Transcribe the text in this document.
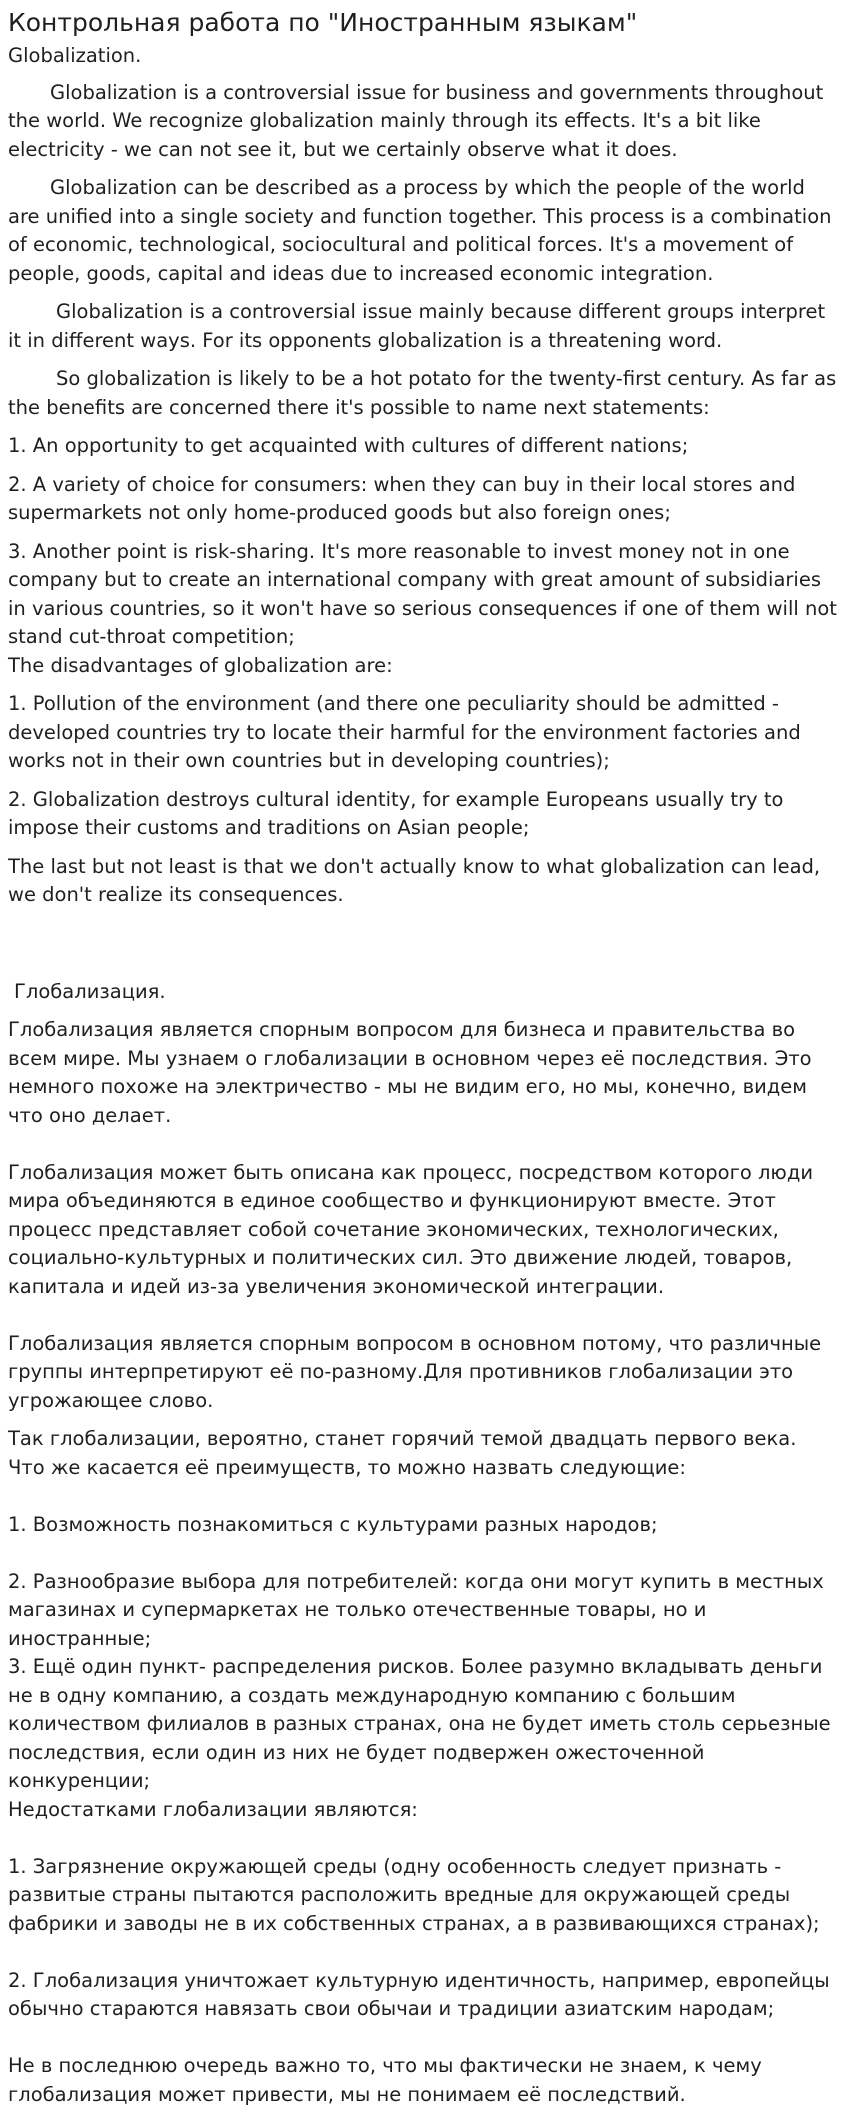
Контрольная работа по "Иностранным языкам"
Globalization.

Globalization is a controversial issue for business and governments throughout the world. We recognize globalization mainly through its effects. It's a bit like electricity - we can not see it, but we certainly observe what it does.

Globalization can be described as a process by which the people of the world are unified into a single society and function together. This process is a combination of economic, technological, sociocultural and political forces. It's a movement of people, goods, capital and ideas due to increased economic integration.

Globalization is a controversial issue mainly because different groups interpret it in different ways. For its opponents globalization is a threatening word.

So globalization is likely to be a hot potato for the twenty-first century. As far as the benefits are concerned there it's possible to name next statements:

1. An opportunity to get acquainted with cultures of different nations;

2. A variety of choice for consumers: when they can buy in their local stores and supermarkets not only home-produced goods but also foreign ones;

3. Another point is risk-sharing. It's more reasonable to invest money not in one company but to create an international company with great amount of subsidiaries in various countries, so it won't have so serious consequences if one of them will not stand cut-throat competition;

The disadvantages of globalization are:

1. Pollution of the environment (and there one peculiarity should be admitted - developed countries try to locate their harmful for the environment factories and works not in their own countries but in developing countries);

2. Globalization destroys cultural identity, for example Europeans usually try to impose their customs and traditions on Asian people;

The last but not least is that we don't actually know to what globalization can lead, we don't realize its consequences.

Глобализация.

Глобализация является спорным вопросом для бизнеса и правительства во всем мире. Мы узнаем о глобализации в основном через её последствия. Это немного похоже на электричество - мы не видим его, но мы, конечно, видем что оно делает.

Глобализация может быть описана как процесс, посредством которого люди мира объединяются в единое сообщество и функционируют вместе. Этот процесс представляет собой сочетание экономических, технологических, социально-культурных и политических сил. Это движение людей, товаров, капитала и идей из-за увеличения экономической интеграции.

Глобализация является спорным вопросом в основном потому, что различные группы интерпретируют её по-разному.Для противников глобализации это угрожающее слово.

Так глобализации, вероятно, станет горячий темой двадцать первого века. Что же касается её преимуществ, то можно назвать следующие:

1. Возможность познакомиться с культурами разных народов;

2. Разнообразие выбора для потребителей: когда они могут купить в местных магазинах и супермаркетах не только отечественные товары, но и иностранные;

3. Ещё один пункт- распределения рисков. Более разумно вкладывать деньги не в одну компанию, а создать международную компанию с большим количеством филиалов в разных странах, она не будет иметь столь серьезные последствия, если один из них не будет подвержен ожесточенной конкуренции;

Недостатками глобализации являются:

1. Загрязнение окружающей среды (одну особенность следует признать - развитые страны пытаются расположить вредные для окружающей среды фабрики и заводы не в их собственных странах, а в развивающихся странах);

2. Глобализация уничтожает культурную идентичность, например, европейцы обычно стараются навязать свои обычаи и традиции азиатским народам;

Не в последнюю очередь важно то, что мы фактически не знаем, к чему глобализация может привести, мы не понимаем её последствий.
